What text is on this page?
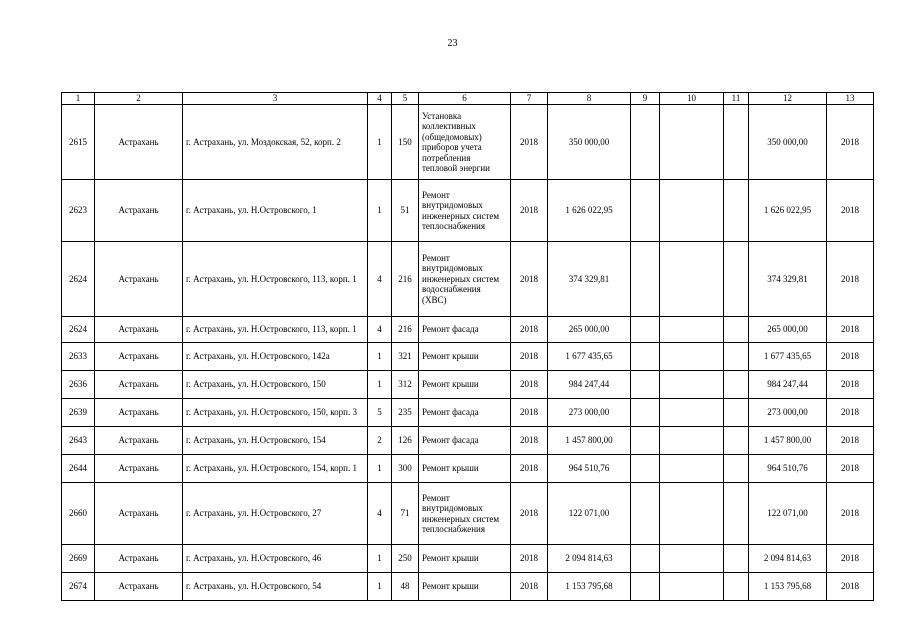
23
1	2	3	4	5	6	7	8	9	10	11	12	13
2615	Астрахань	г. Астрахань, ул. Моздокская, 52, корп. 2	1	150	Установка коллективных (общедомовых) приборов учета потребления тепловой энергии	2018	350 000,00				350 000,00	2018
2623	Астрахань	г. Астрахань, ул. Н.Островского, 1	1	51	Ремонт внутридомовых инженерных систем теплоснабжения	2018	1 626 022,95				1 626 022,95	2018
2624	Астрахань	г. Астрахань, ул. Н.Островского, 113, корп. 1	4	216	Ремонт внутридомовых инженерных систем водоснабжения (ХВС)	2018	374 329,81				374 329,81	2018
2624	Астрахань	г. Астрахань, ул. Н.Островского, 113, корп. 1	4	216	Ремонт фасада	2018	265 000,00				265 000,00	2018
2633	Астрахань	г. Астрахань, ул. Н.Островского, 142а	1	321	Ремонт крыши	2018	1 677 435,65				1 677 435,65	2018
2636	Астрахань	г. Астрахань, ул. Н.Островского, 150	1	312	Ремонт крыши	2018	984 247,44				984 247,44	2018
2639	Астрахань	г. Астрахань, ул. Н.Островского, 150, корп. 3	5	235	Ремонт фасада	2018	273 000,00				273 000,00	2018
2643	Астрахань	г. Астрахань, ул. Н.Островского, 154	2	126	Ремонт фасада	2018	1 457 800,00				1 457 800,00	2018
2644	Астрахань	г. Астрахань, ул. Н.Островского, 154, корп. 1	1	300	Ремонт крыши	2018	964 510,76				964 510,76	2018
2660	Астрахань	г. Астрахань, ул. Н.Островского, 27	4	71	Ремонт внутридомовых инженерных систем теплоснабжения	2018	122 071,00				122 071,00	2018
2669	Астрахань	г. Астрахань, ул. Н.Островского, 46	1	250	Ремонт крыши	2018	2 094 814,63				2 094 814,63	2018
2674	Астрахань	г. Астрахань, ул. Н.Островского, 54	1	48	Ремонт крыши	2018	1 153 795,68				1 153 795,68	2018
